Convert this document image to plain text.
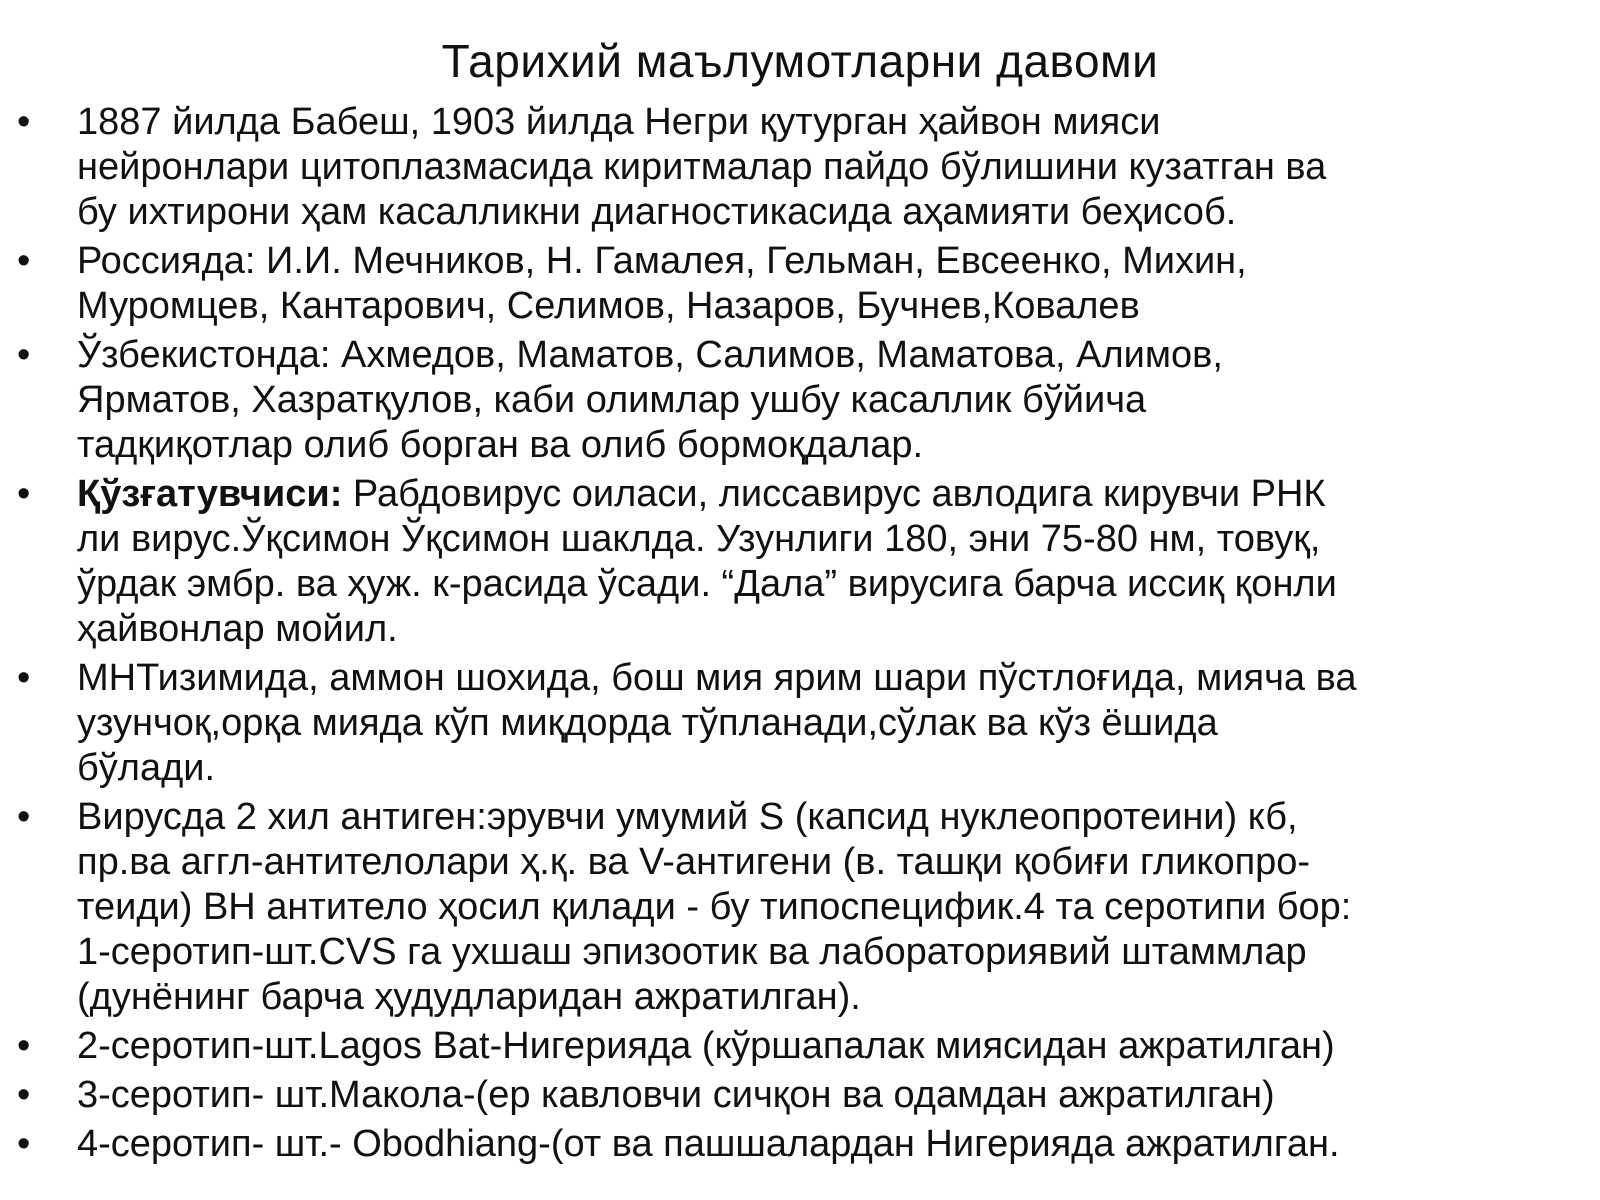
Тарихий маълумотларни давоми
•	1887 йилда Бабеш, 1903 йилда Негри қутурган ҳайвон мияси
нейронлари цитоплазмасида киритмалар пайдо бўлишини кузатган ва
бу ихтирони ҳам касалликни диагностикасида аҳамияти беҳисоб.
•	Россияда: И.И. Мечников, Н. Гамалея, Гельман, Евсеенко, Михин,
Муромцев, Кантарович, Селимов, Назаров, Бучнев,Ковалев
•	Ўзбекистонда: Ахмедов, Маматов, Салимов, Маматова, Алимов,
Ярматов, Хазратқулов, каби олимлар ушбу касаллик бўйича
тадқиқотлар олиб борган ва олиб бормоқдалар.
•	Қўзғатувчиси: Рабдовирус оиласи, лиссавирус авлодига кирувчи РНК
ли вирус.Ўқсимон Ўқсимон шаклда. Узунлиги 180, эни 75-80 нм, товуқ,
ўрдак эмбр. ва ҳуж. к-расида ўсади. “Дала” вирусига барча иссиқ қонли
ҳайвонлар мойил.
•	МНТизимида, аммон шохида, бош мия ярим шари пўстлоғида, миячa ва
узунчоқ,орқа мияда кўп миқдорда тўпланади,сўлак ва кўз ёшида
бўлади.
•	Вирусда 2 хил антиген:эрувчи умумий S (капсид нуклеопротеини) кб,
пр.ва аггл-антителолари ҳ.қ. ва V-антигени (в. ташқи қобиғи гликопро-
теиди) ВН антитело ҳосил қилади - бу типоспецифик.4 та серотипи бор:
1-серотип-шт.CVS га ухшаш эпизоотик ва лабораториявий штаммлар
(дунёнинг барча ҳудудларидан ажратилган).
•	2-серотип-шт.Lagos Bat-Нигерияда (кўршапалак миясидан ажратилган)
•	3-серотип- шт.Макола-(ер кавловчи сичқон ва одамдан ажратилган)
•	4-серотип- шт.- Obodhiang-(от ва пашшалардан Нигерияда ажратилган.
